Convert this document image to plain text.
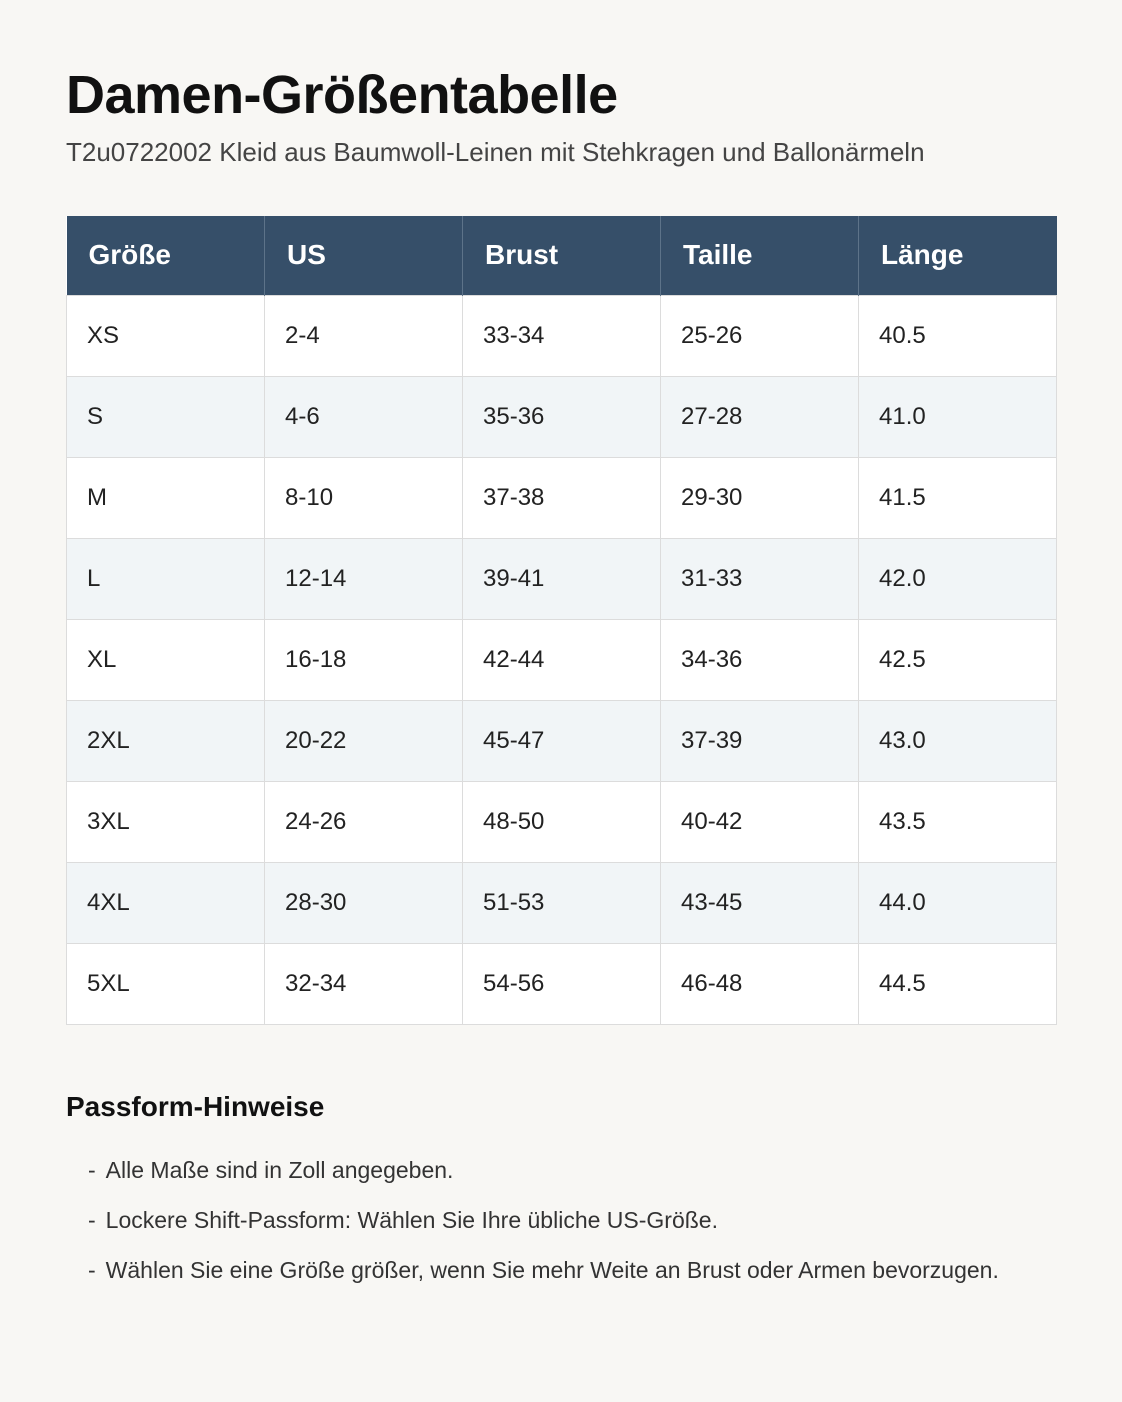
Damen-Größentabelle
T2u0722002 Kleid aus Baumwoll-Leinen mit Stehkragen und Ballonärmeln
Größe	US	Brust	Taille	Länge
XS	2-4	33-34	25-26	40.5
S	4-6	35-36	27-28	41.0
M	8-10	37-38	29-30	41.5
L	12-14	39-41	31-33	42.0
XL	16-18	42-44	34-36	42.5
2XL	20-22	45-47	37-39	43.0
3XL	24-26	48-50	40-42	43.5
4XL	28-30	51-53	43-45	44.0
5XL	32-34	54-56	46-48	44.5
Passform-Hinweise
- Alle Maße sind in Zoll angegeben.
- Lockere Shift-Passform: Wählen Sie Ihre übliche US-Größe.
- Wählen Sie eine Größe größer, wenn Sie mehr Weite an Brust oder Armen bevorzugen.
